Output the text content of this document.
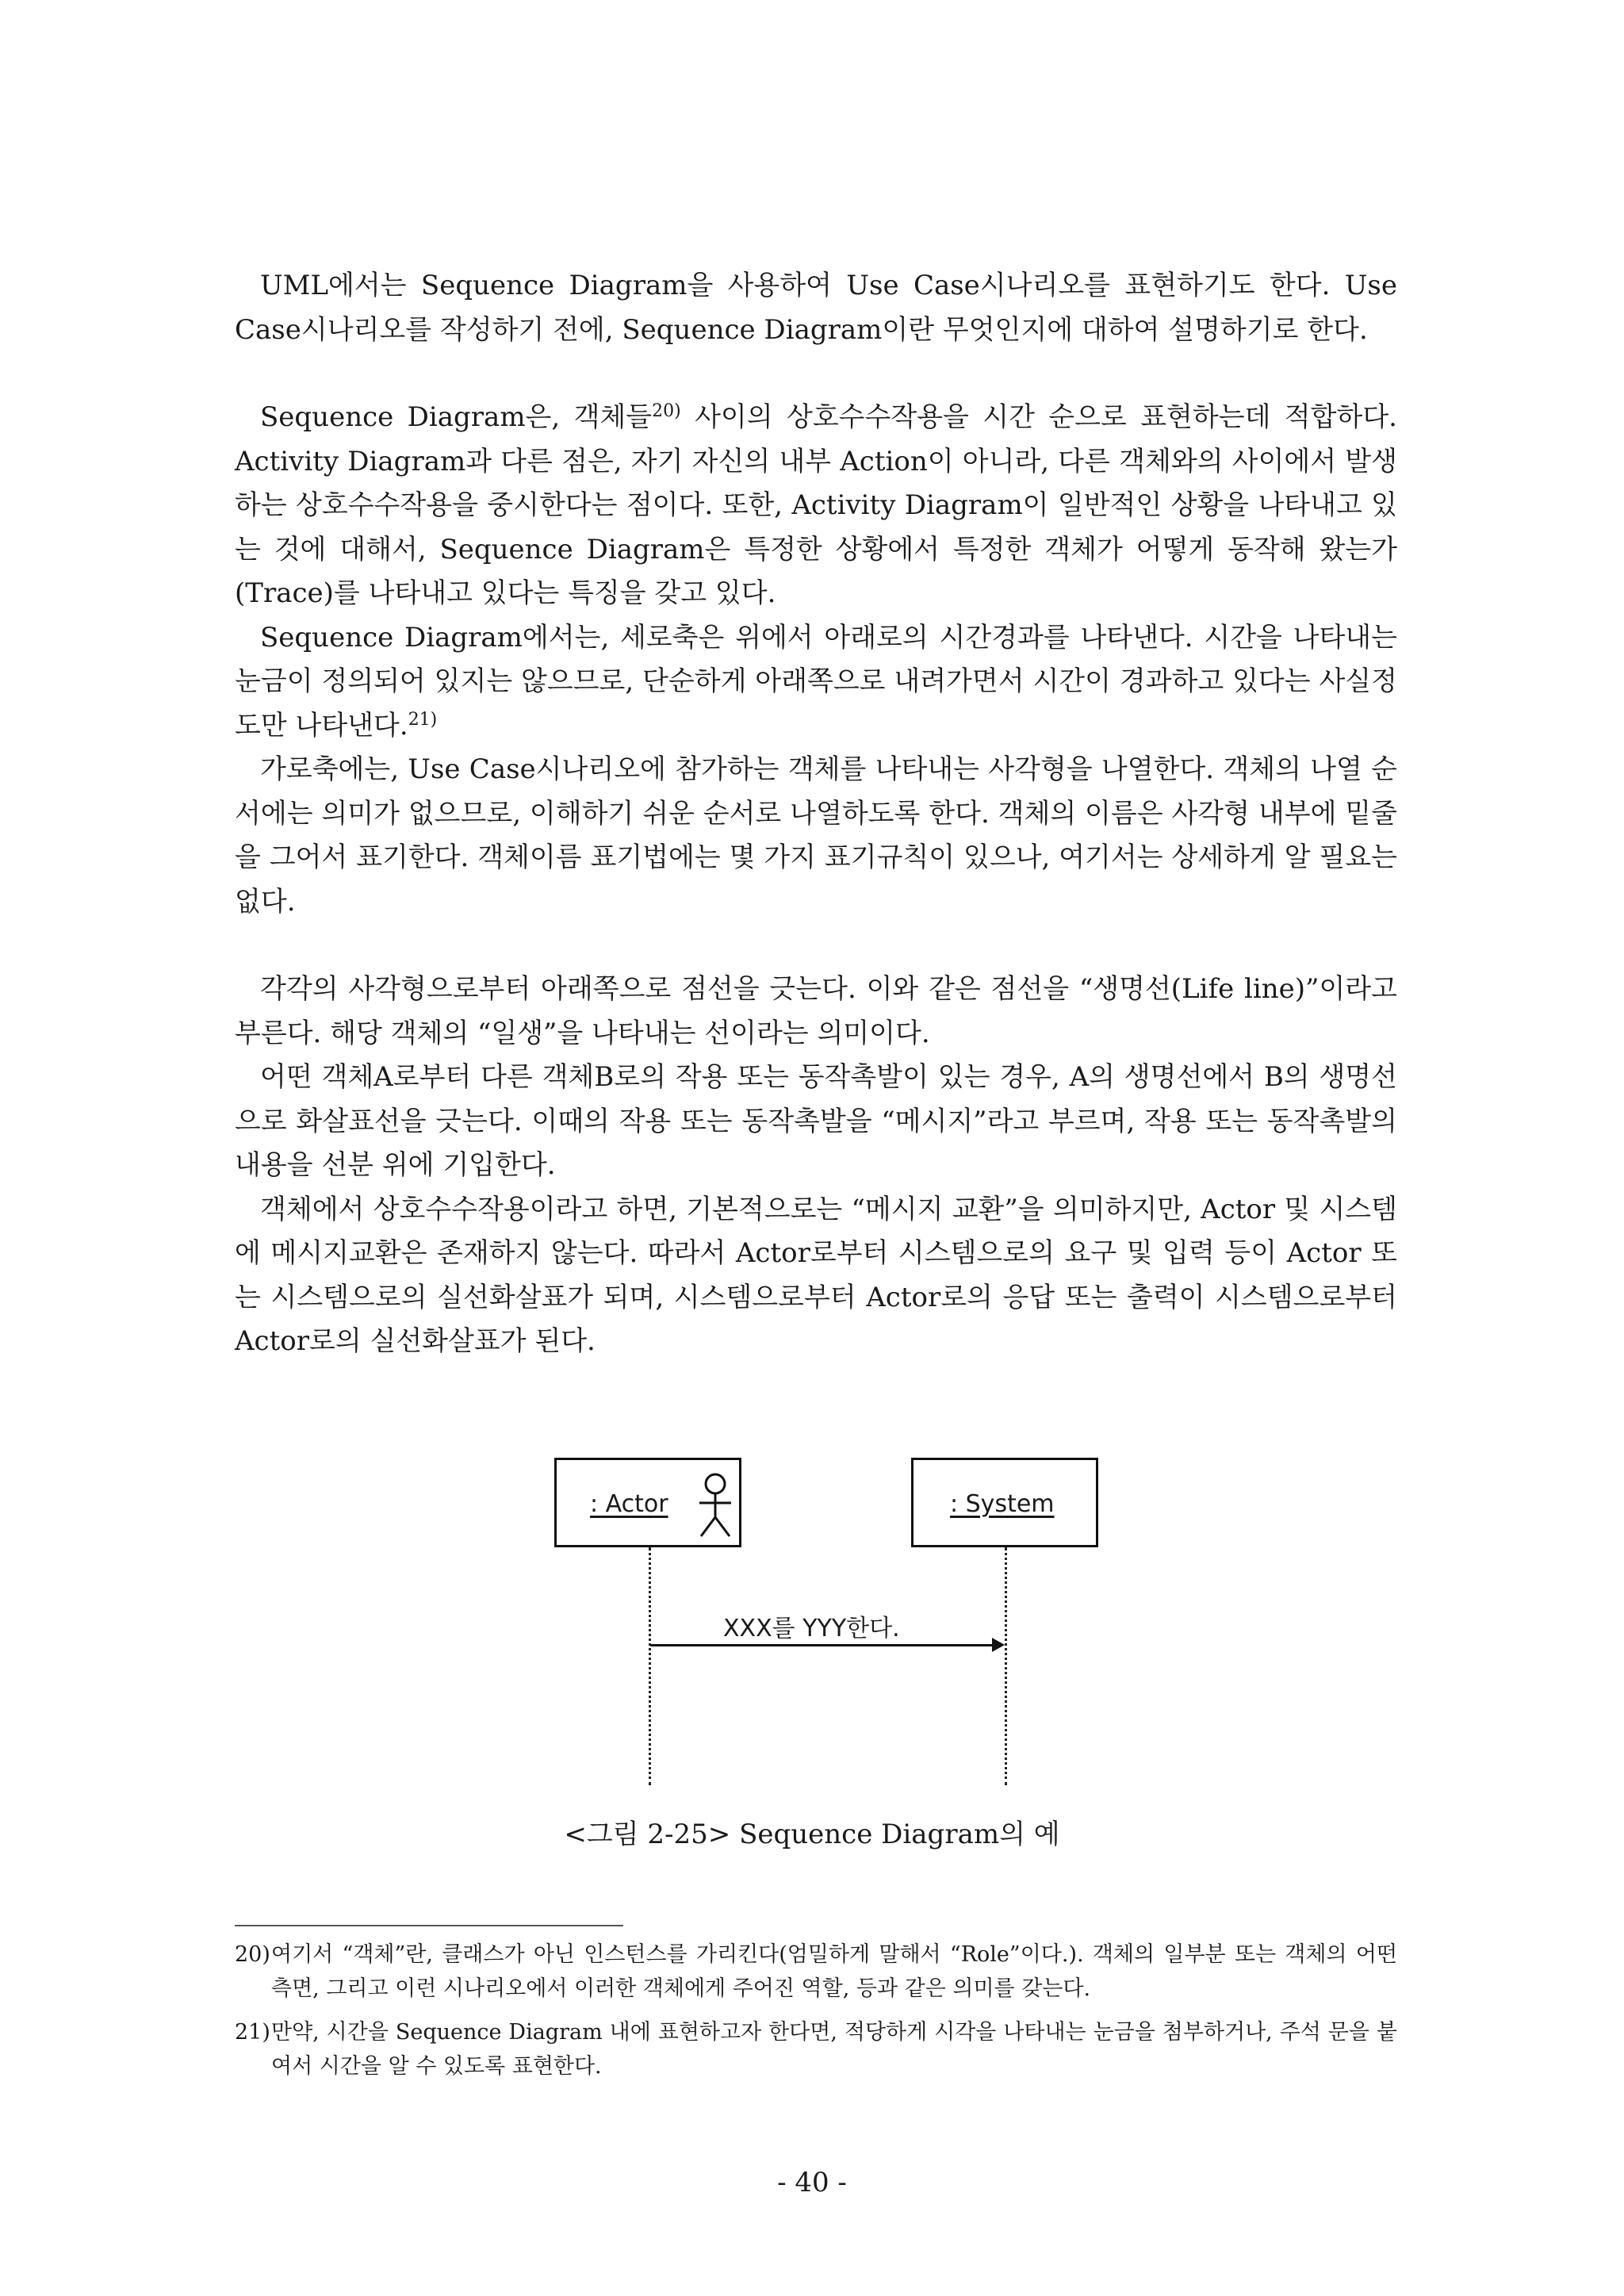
UML에서는 Sequence Diagram을 사용하여 Use Case시나리오를 표현하기도 한다. Use Case시나리오를 작성하기 전에, Sequence Diagram이란 무엇인지에 대하여 설명하기로 한다.

Sequence Diagram은, 객체들$^{20)}$ 사이의 상호수수작용을 시간 순으로 표현하는데 적합하다. Activity Diagram과 다른 점은, 자기 자신의 내부 Action이 아니라, 다른 객체와의 사이에서 발생하는 상호수수작용을 중시한다는 점이다. 또한, Activity Diagram이 일반적인 상황을 나타내고 있는 것에 대해서, Sequence Diagram은 특정한 상황에서 특정한 객체가 어떻게 동작해 왔는가(Trace)를 나타내고 있다는 특징을 갖고 있다.

Sequence Diagram에서는, 세로축은 위에서 아래로의 시간경과를 나타낸다. 시간을 나타내는 눈금이 정의되어 있지는 않으므로, 단순하게 아래쪽으로 내려가면서 시간이 경과하고 있다는 사실정도만 나타낸다.$^{21)}$

가로축에는, Use Case시나리오에 참가하는 객체를 나타내는 사각형을 나열한다. 객체의 나열 순서에는 의미가 없으므로, 이해하기 쉬운 순서로 나열하도록 한다. 객체의 이름은 사각형 내부에 밑줄을 그어서 표기한다. 객체이름 표기법에는 몇 가지 표기규칙이 있으나, 여기서는 상세하게 알 필요는 없다.

각각의 사각형으로부터 아래쪽으로 점선을 긋는다. 이와 같은 점선을 “생명선(Life line)”이라고 부른다. 해당 객체의 “일생”을 나타내는 선이라는 의미이다.

어떤 객체A로부터 다른 객체B로의 작용 또는 동작촉발이 있는 경우, A의 생명선에서 B의 생명선으로 화살표선을 긋는다. 이때의 작용 또는 동작촉발을 “메시지”라고 부르며, 작용 또는 동작촉발의 내용을 선분 위에 기입한다.

객체에서 상호수수작용이라고 하면, 기본적으로는 “메시지 교환”을 의미하지만, Actor 및 시스템에 메시지교환은 존재하지 않는다. 따라서 Actor로부터 시스템으로의 요구 및 입력 등이 Actor 또는 시스템으로의 실선화살표가 되며, 시스템으로부터 Actor로의 응답 또는 출력이 시스템으로부터 Actor로의 실선화살표가 된다.

: Actor	: System
XXX를 YYY한다.
<그림 2-25> Sequence Diagram의 예
20) 여기서 “객체”란, 클래스가 아닌 인스턴스를 가리킨다(엄밀하게 말해서 “Role”이다.). 객체의 일부분 또는 객체의 어떤 측면, 그리고 이런 시나리오에서 이러한 객체에게 주어진 역할, 등과 같은 의미를 갖는다.
21) 만약, 시간을 Sequence Diagram 내에 표현하고자 한다면, 적당하게 시각을 나타내는 눈금을 첨부하거나, 주석 문을 붙여서 시간을 알 수 있도록 표현한다.
- 40 -
